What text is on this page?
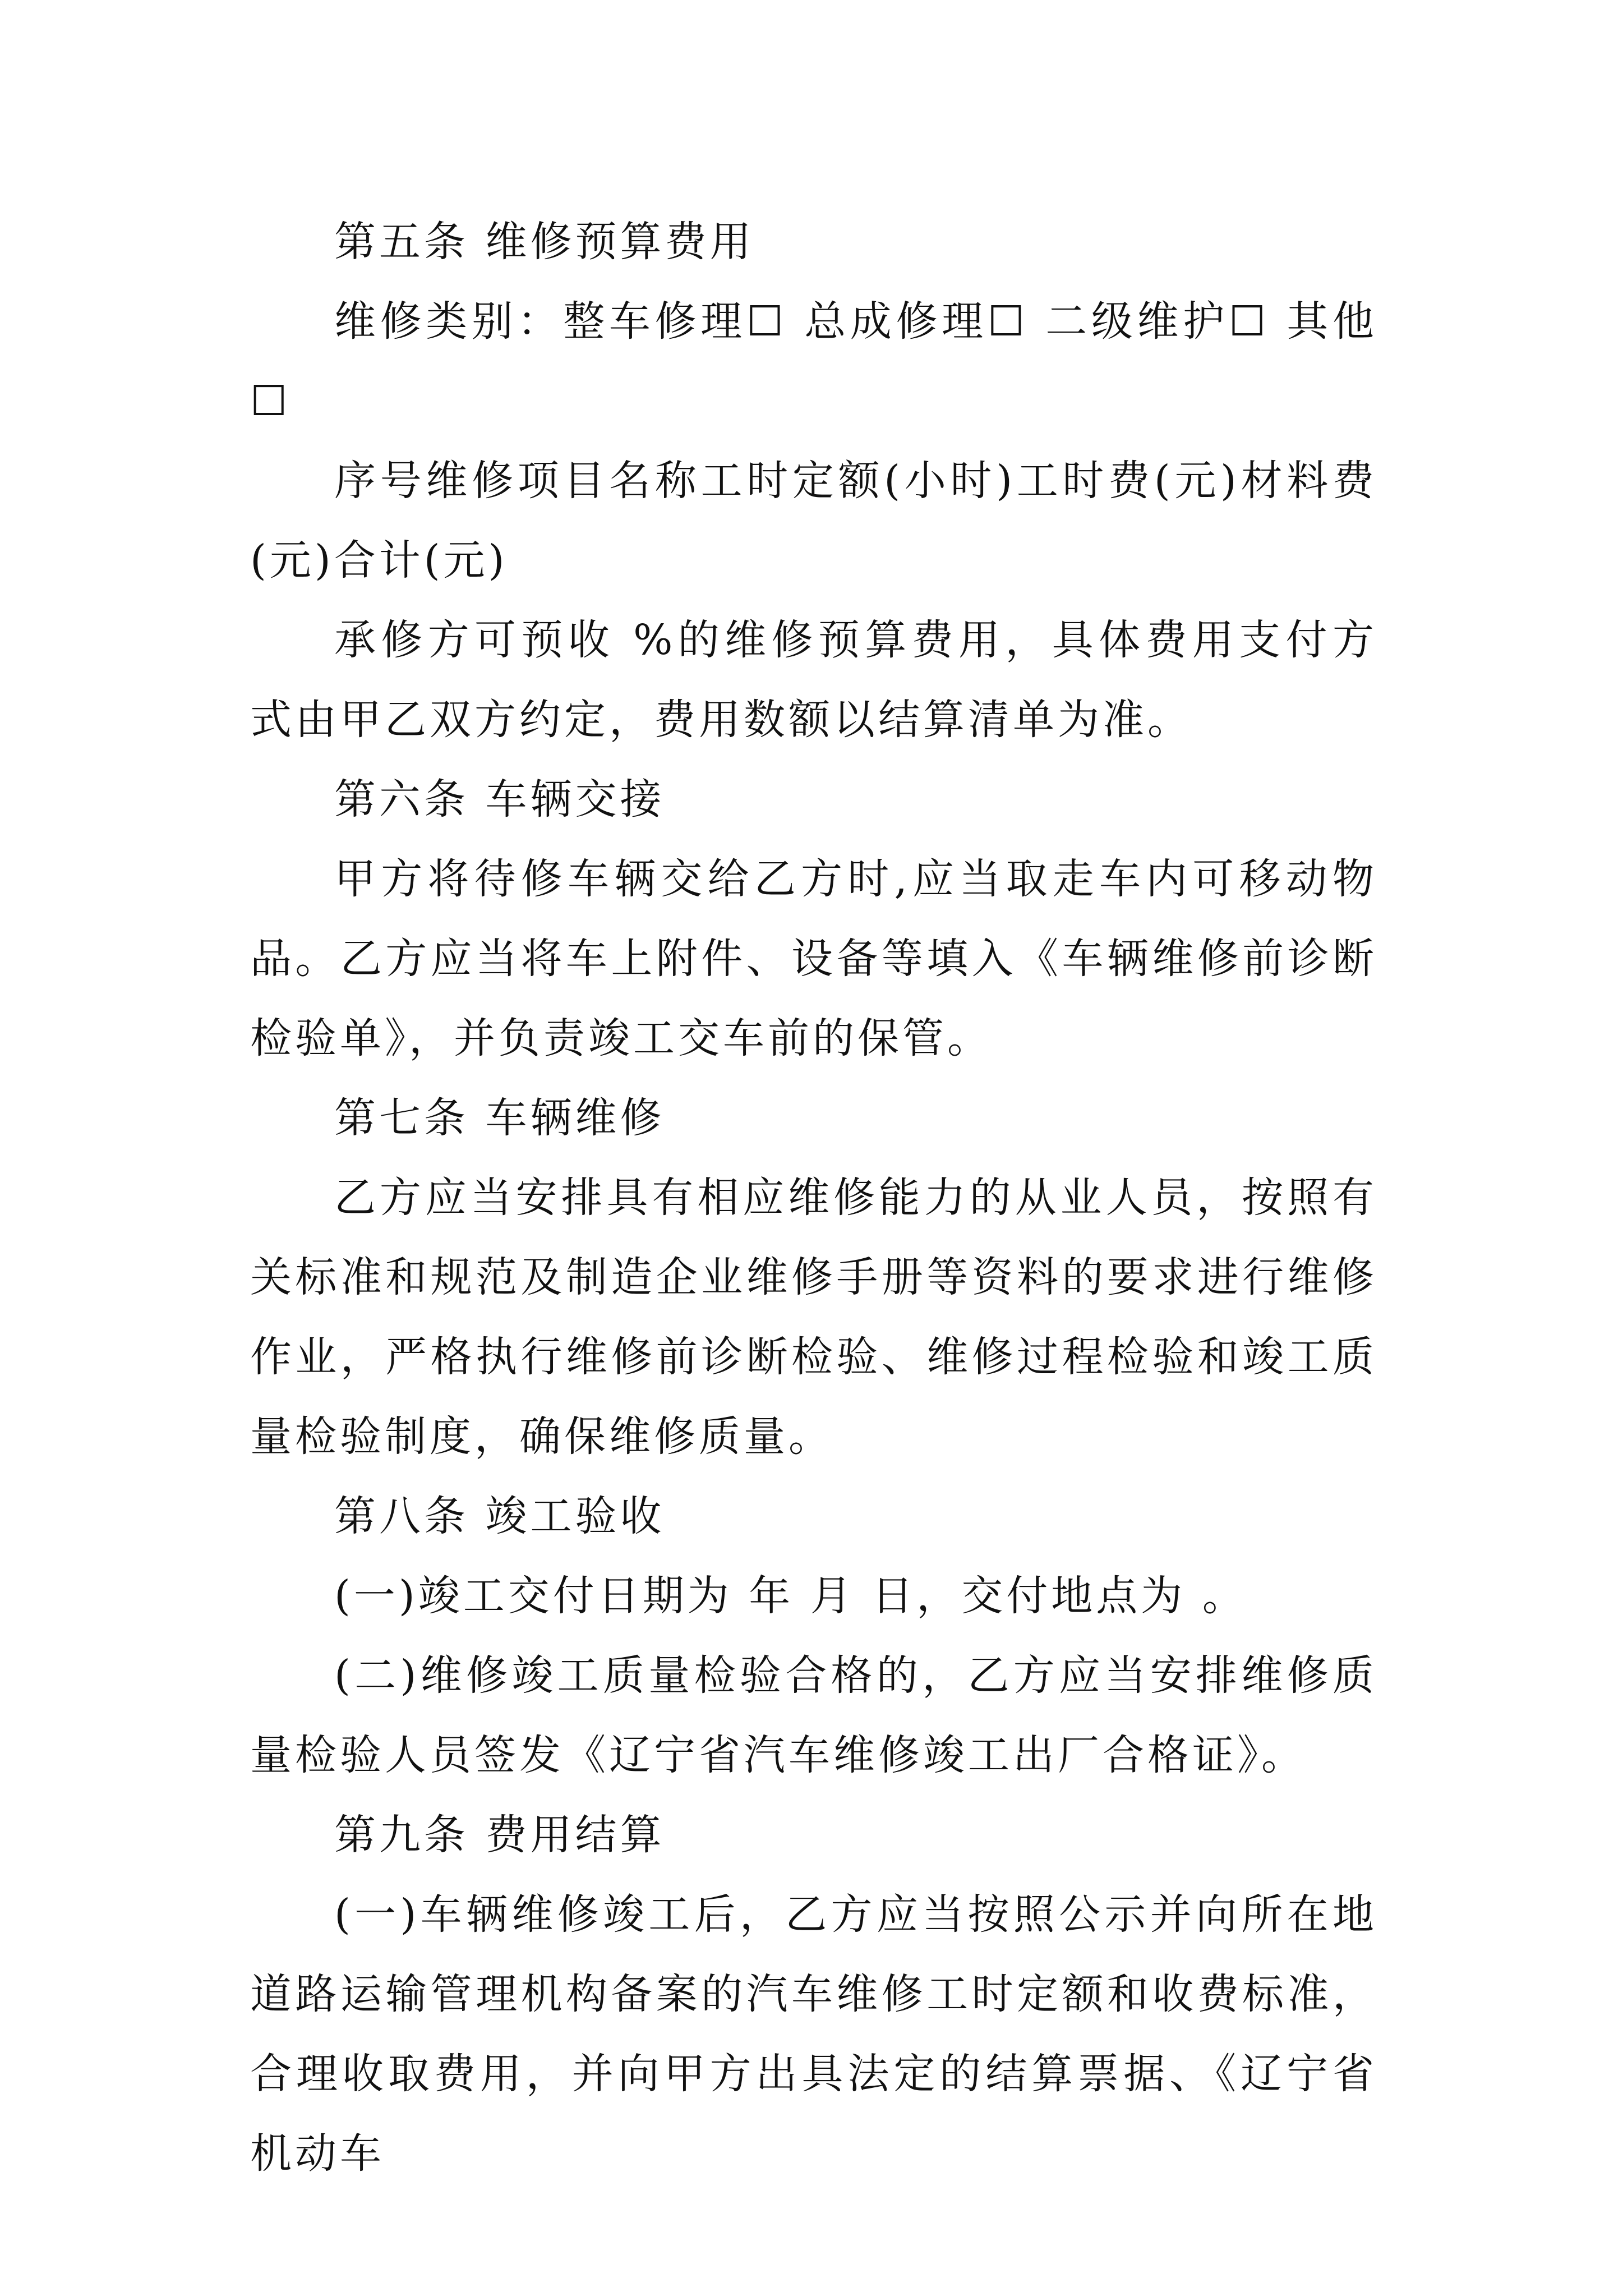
第五条 维修预算费用

维修类别：整车修理☐ 总成修理☐ 二级维护☐ 其他☐

序号维修项目名称工时定额(小时)工时费(元)材料费(元)合计(元)

承修方可预收 %的维修预算费用，具体费用支付方式由甲乙双方约定，费用数额以结算清单为准。

第六条 车辆交接

甲方将待修车辆交给乙方时,应当取走车内可移动物品。乙方应当将车上附件、设备等填入《车辆维修前诊断检验单》，并负责竣工交车前的保管。

第七条 车辆维修

乙方应当安排具有相应维修能力的从业人员，按照有关标准和规范及制造企业维修手册等资料的要求进行维修作业，严格执行维修前诊断检验、维修过程检验和竣工质量检验制度，确保维修质量。

第八条 竣工验收

(一)竣工交付日期为 年 月 日，交付地点为 。

(二)维修竣工质量检验合格的，乙方应当安排维修质量检验人员签发《辽宁省汽车维修竣工出厂合格证》。

第九条 费用结算

(一)车辆维修竣工后，乙方应当按照公示并向所在地道路运输管理机构备案的汽车维修工时定额和收费标准，合理收取费用，并向甲方出具法定的结算票据、《辽宁省机动车
